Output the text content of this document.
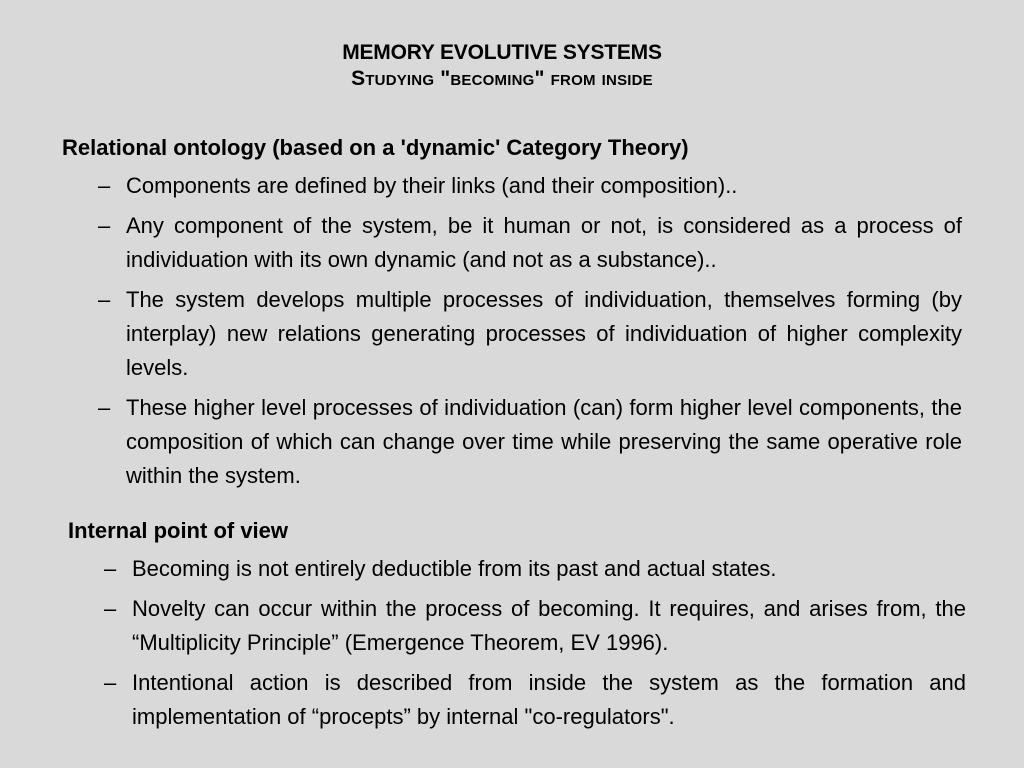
MEMORY EVOLUTIVE SYSTEMS
Studying "becoming" from inside
Relational ontology (based on a 'dynamic' Category Theory)
– Components are defined by their links (and their composition)..
– Any component of the system, be it human or not, is considered as a process of individuation with its own dynamic (and not as a substance)..
– The system develops multiple processes of individuation, themselves forming (by interplay) new relations generating processes of individuation of higher complexity levels.
– These higher level processes of individuation (can) form higher level components, the composition of which can change over time while preserving the same operative role within the system.
Internal point of view
– Becoming is not entirely deductible from its past and actual states.
– Novelty can occur within the process of becoming. It requires, and arises from, the “Multiplicity Principle” (Emergence Theorem, EV 1996).
– Intentional action is described from inside the system as the formation and implementation of “procepts” by internal "co-regulators".
